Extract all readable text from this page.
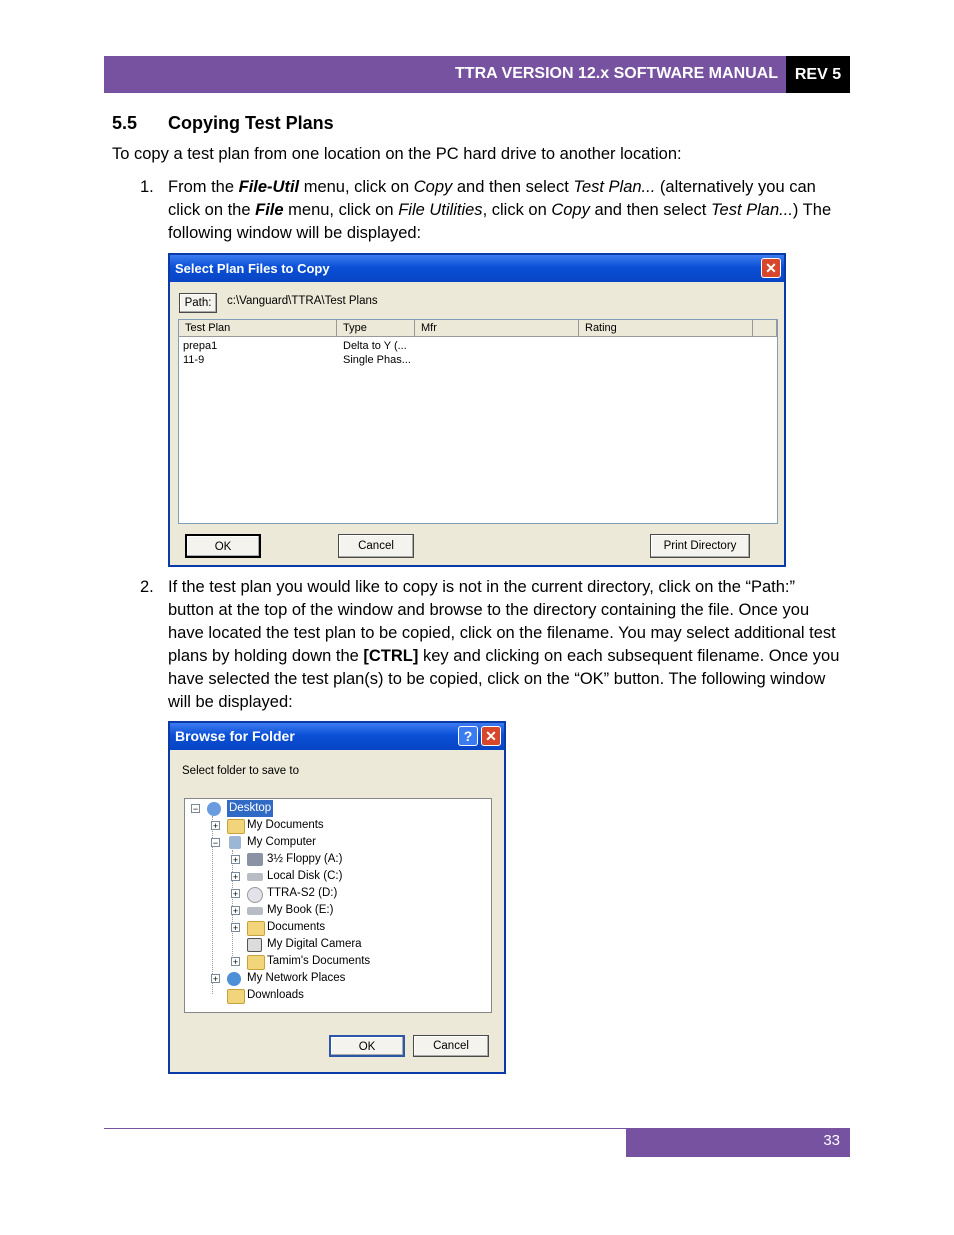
TTRA VERSION 12.x SOFTWARE MANUAL	REV 5
5.5 Copying Test Plans
To copy a test plan from one location on the PC hard drive to another location:
1. From the File-Util menu, click on Copy and then select Test Plan... (alternatively you can click on the File menu, click on File Utilities, click on Copy and then select Test Plan...) The following window will be displayed:
Select Plan Files to Copy	✕
Path:	c:\Vanguard\TTRA\Test Plans
Test Plan	Type	Mfr	Rating
prepa1	Delta to Y (...
11-9	Single Phas...
OK	Cancel	Print Directory
2. If the test plan you would like to copy is not in the current directory, click on the “Path:” button at the top of the window and browse to the directory containing the file. Once you have located the test plan to be copied, click on the filename. You may select additional test plans by holding down the [CTRL] key and clicking on each subsequent filename. Once you have selected the test plan(s) to be copied, click on the “OK” button. The following window will be displayed:
Browse for Folder	? ✕
Select folder to save to
−	Desktop
+	My Documents
−	My Computer
+	3½ Floppy (A:)
+	Local Disk (C:)
+	TTRA-S2 (D:)
+	My Book (E:)
+	Documents
My Digital Camera
+	Tamim's Documents
+	My Network Places
Downloads
OK	Cancel
33
